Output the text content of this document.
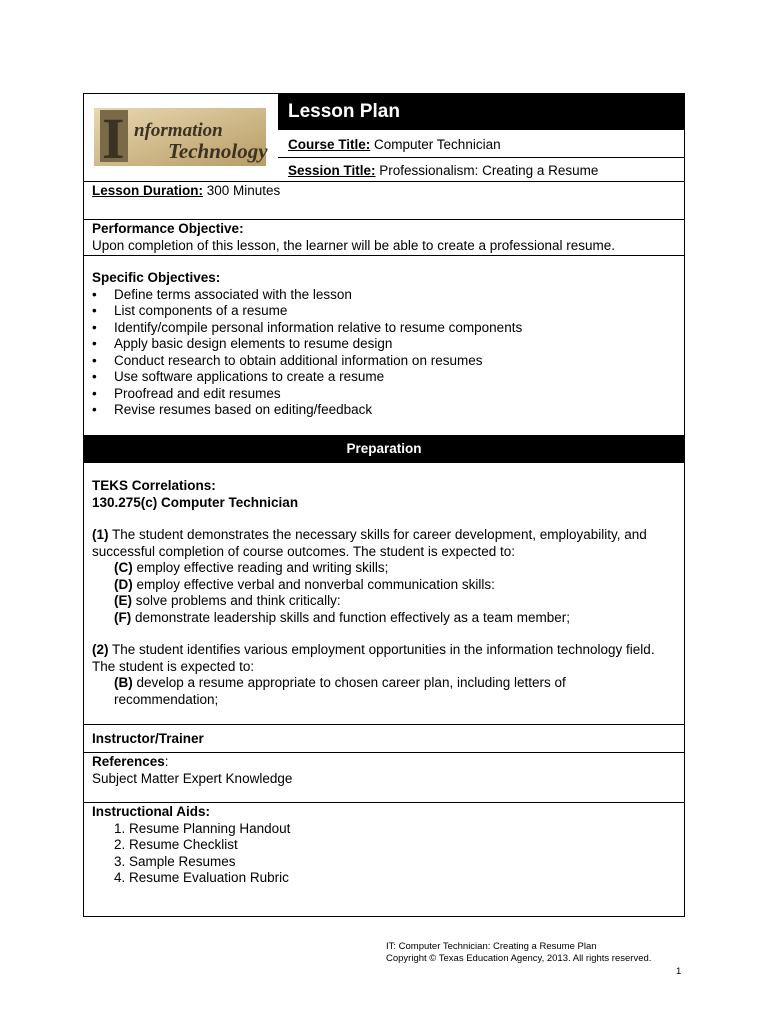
I nformation
Technology
Lesson Plan
Course Title: Computer Technician
Session Title: Professionalism: Creating a Resume
Lesson Duration: 300 Minutes
Performance Objective:
Upon completion of this lesson, the learner will be able to create a professional resume.
Specific Objectives:
• Define terms associated with the lesson
• List components of a resume
• Identify/compile personal information relative to resume components
• Apply basic design elements to resume design
• Conduct research to obtain additional information on resumes
• Use software applications to create a resume
• Proofread and edit resumes
• Revise resumes based on editing/feedback
Preparation
TEKS Correlations:
130.275(c) Computer Technician
(1) The student demonstrates the necessary skills for career development, employability, and successful completion of course outcomes. The student is expected to:
(C) employ effective reading and writing skills;
(D) employ effective verbal and nonverbal communication skills:
(E) solve problems and think critically:
(F) demonstrate leadership skills and function effectively as a team member;
(2) The student identifies various employment opportunities in the information technology field. The student is expected to:
(B) develop a resume appropriate to chosen career plan, including letters of recommendation;
Instructor/Trainer
References:
Subject Matter Expert Knowledge
Instructional Aids:
1. Resume Planning Handout
2. Resume Checklist
3. Sample Resumes
4. Resume Evaluation Rubric
IT: Computer Technician: Creating a Resume Plan
Copyright © Texas Education Agency, 2013. All rights reserved.
1
